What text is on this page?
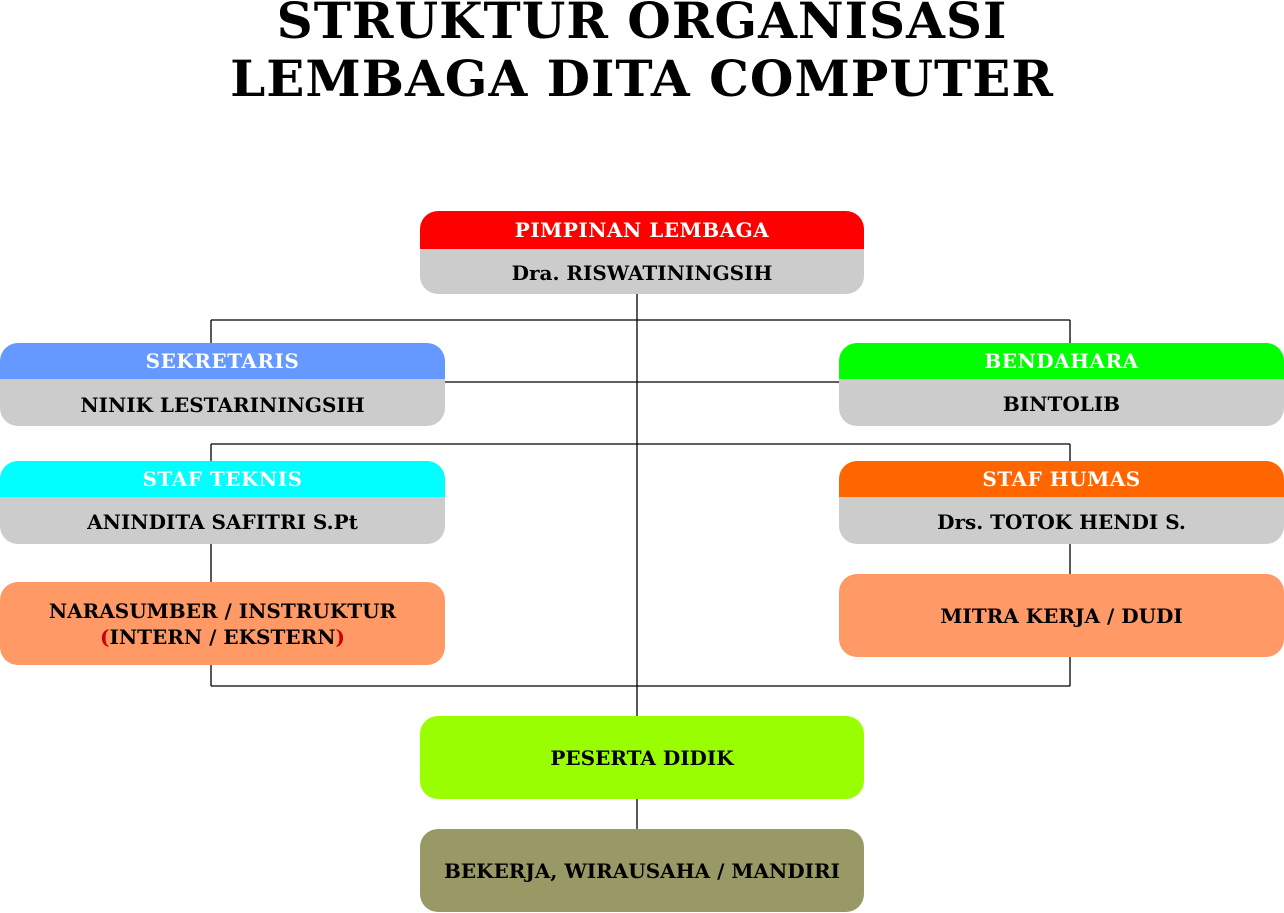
STRUKTUR ORGANISASI
LEMBAGA DITA COMPUTER
PIMPINAN LEMBAGA
Dra. RISWATININGSIH
SEKRETARIS
NINIK LESTARININGSIH
BENDAHARA
BINTOLIB
STAF TEKNIS
ANINDITA SAFITRI S.Pt
STAF HUMAS
Drs. TOTOK HENDI S.
NARASUMBER / INSTRUKTUR
(INTERN / EKSTERN)
MITRA KERJA / DUDI
PESERTA DIDIK
BEKERJA, WIRAUSAHA / MANDIRI
